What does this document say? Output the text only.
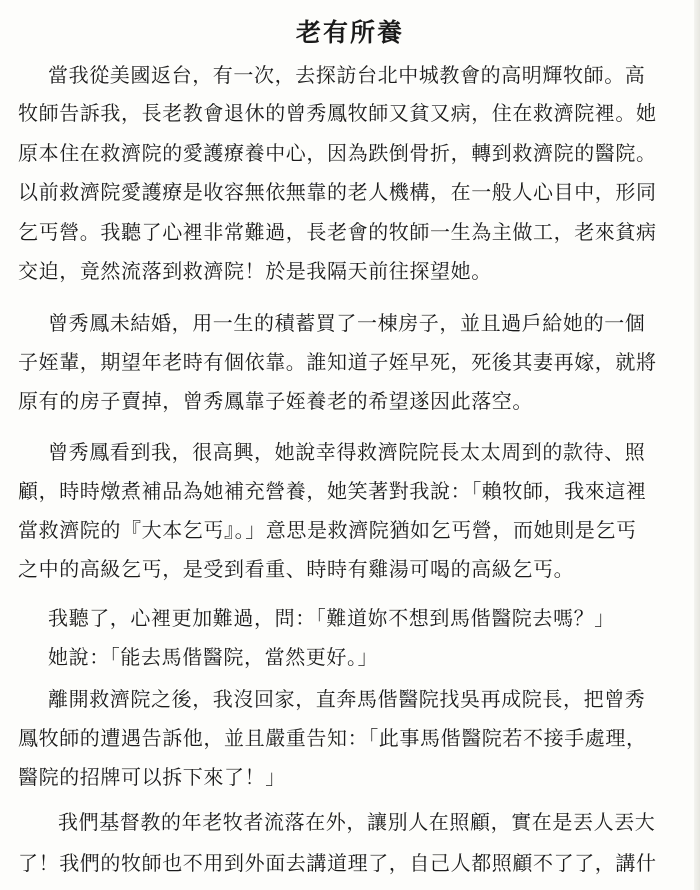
老有所養
當我從美國返台，有一次，去探訪台北中城教會的高明輝牧師。高
牧師告訴我，長老教會退休的曾秀鳳牧師又貧又病，住在救濟院裡。她
原本住在救濟院的愛護療養中心，因為跌倒骨折，轉到救濟院的醫院。
以前救濟院愛護療是收容無依無靠的老人機構，在一般人心目中，形同
乞丐營。我聽了心裡非常難過，長老會的牧師一生為主做工，老來貧病
交迫，竟然流落到救濟院！於是我隔天前往探望她。
曾秀鳳未結婚，用一生的積蓄買了一棟房子，並且過戶給她的一個
子姪輩，期望年老時有個依靠。誰知道子姪早死，死後其妻再嫁，就將
原有的房子賣掉，曾秀鳳靠子姪養老的希望遂因此落空。
曾秀鳳看到我，很高興，她說幸得救濟院院長太太周到的款待、照
顧，時時燉煮補品為她補充營養，她笑著對我說：「賴牧師，我來這裡
當救濟院的『大本乞丐』。」意思是救濟院猶如乞丐營，而她則是乞丐
之中的高級乞丐，是受到看重、時時有雞湯可喝的高級乞丐。
我聽了，心裡更加難過，問：「難道妳不想到馬偕醫院去嗎？」
她說：「能去馬偕醫院，當然更好。」
離開救濟院之後，我沒回家，直奔馬偕醫院找吳再成院長，把曾秀
鳳牧師的遭遇告訴他，並且嚴重告知：「此事馬偕醫院若不接手處理，
醫院的招牌可以拆下來了！」
我們基督教的年老牧者流落在外，讓別人在照顧，實在是丟人丟大
了！我們的牧師也不用到外面去講道理了，自己人都照顧不了了，講什
